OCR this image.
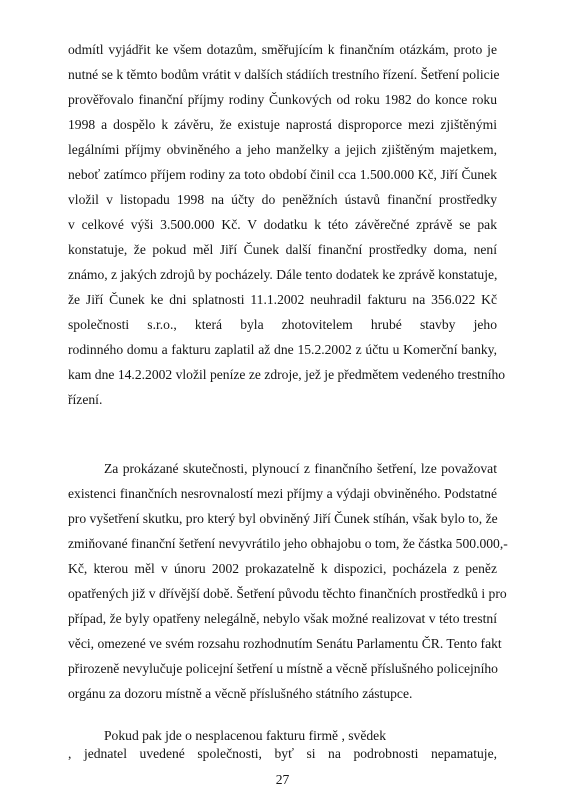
odmítl vyjádřit ke všem dotazům, směřujícím k finančním otázkám, proto je
nutné se k těmto bodům vrátit v dalších stádiích trestního řízení. Šetření policie
prověřovalo finanční příjmy rodiny Čunkových od roku 1982 do konce roku
1998 a dospělo k závěru, že existuje naprostá disproporce mezi zjištěnými
legálními příjmy obviněného a jeho manželky a jejich zjištěným majetkem,
neboť zatímco příjem rodiny za toto období činil cca 1.500.000 Kč, Jiří Čunek
vložil v listopadu 1998 na účty do peněžních ústavů finanční prostředky
v celkové výši 3.500.000 Kč. V dodatku k této závěrečné zprávě se pak
konstatuje, že pokud měl Jiří Čunek další finanční prostředky doma, není
známo, z jakých zdrojů by pocházely. Dále tento dodatek ke zprávě konstatuje,
že Jiří Čunek ke dni splatnosti 11.1.2002 neuhradil fakturu na 356.022 Kč
společnosti s.r.o., která byla zhotovitelem hrubé stavby jeho
rodinného domu a fakturu zaplatil až dne 15.2.2002 z účtu u Komerční banky,
kam dne 14.2.2002 vložil peníze ze zdroje, jež je předmětem vedeného trestního
řízení.
Za prokázané skutečnosti, plynoucí z finančního šetření, lze považovat
existenci finančních nesrovnalostí mezi příjmy a výdaji obviněného. Podstatné
pro vyšetření skutku, pro který byl obviněný Jiří Čunek stíhán, však bylo to, že
zmiňované finanční šetření nevyvrátilo jeho obhajobu o tom, že částka 500.000,-
Kč, kterou měl v únoru 2002 prokazatelně k dispozici, pocházela z peněz
opatřených již v dřívější době. Šetření původu těchto finančních prostředků i pro
případ, že byly opatřeny nelegálně, nebylo však možné realizovat v této trestní
věci, omezené ve svém rozsahu rozhodnutím Senátu Parlamentu ČR. Tento fakt
přirozeně nevylučuje policejní šetření u místně a věcně příslušného policejního
orgánu za dozoru místně a věcně příslušného státního zástupce.
Pokud pak jde o nesplacenou fakturu firmě , svědek
, jednatel uvedené společnosti, byť si na podrobnosti nepamatuje,
27
